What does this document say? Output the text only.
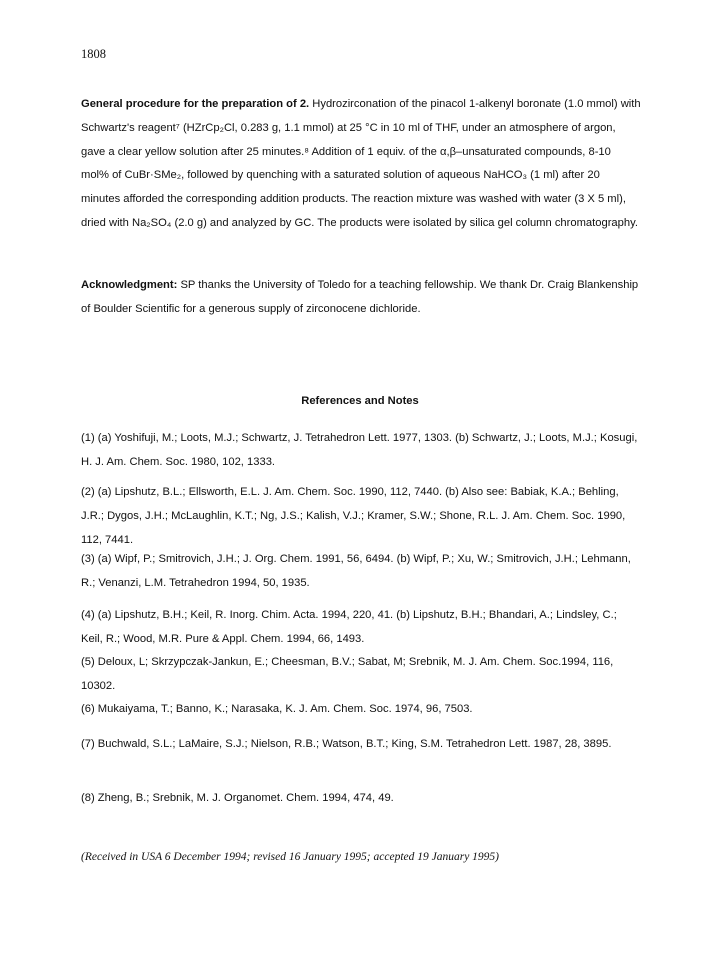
1808
General procedure for the preparation of 2. Hydrozirconation of the pinacol 1-alkenyl boronate (1.0 mmol) with Schwartz's reagent⁷ (HZrCp₂Cl, 0.283 g, 1.1 mmol) at 25 °C in 10 ml of THF, under an atmosphere of argon, gave a clear yellow solution after 25 minutes.⁸ Addition of 1 equiv. of the α,β–unsaturated compounds, 8-10 mol% of CuBr·SMe₂, followed by quenching with a saturated solution of aqueous NaHCO₃ (1 ml) after 20 minutes afforded the corresponding addition products. The reaction mixture was washed with water (3 X 5 ml), dried with Na₂SO₄ (2.0 g) and analyzed by GC. The products were isolated by silica gel column chromatography.
Acknowledgment: SP thanks the University of Toledo for a teaching fellowship. We thank Dr. Craig Blankenship of Boulder Scientific for a generous supply of zirconocene dichloride.
References and Notes
(1) (a) Yoshifuji, M.; Loots, M.J.; Schwartz, J. Tetrahedron Lett. 1977, 1303. (b) Schwartz, J.; Loots, M.J.; Kosugi, H. J. Am. Chem. Soc. 1980, 102, 1333.
(2) (a) Lipshutz, B.L.; Ellsworth, E.L. J. Am. Chem. Soc. 1990, 112, 7440. (b) Also see: Babiak, K.A.; Behling, J.R.; Dygos, J.H.; McLaughlin, K.T.; Ng, J.S.; Kalish, V.J.; Kramer, S.W.; Shone, R.L. J. Am. Chem. Soc. 1990, 112, 7441.
(3) (a) Wipf, P.; Smitrovich, J.H.; J. Org. Chem. 1991, 56, 6494. (b) Wipf, P.; Xu, W.; Smitrovich, J.H.; Lehmann, R.; Venanzi, L.M. Tetrahedron 1994, 50, 1935.
(4) (a) Lipshutz, B.H.; Keil, R. Inorg. Chim. Acta. 1994, 220, 41. (b) Lipshutz, B.H.; Bhandari, A.; Lindsley, C.; Keil, R.; Wood, M.R. Pure & Appl. Chem. 1994, 66, 1493.
(5) Deloux, L; Skrzypczak-Jankun, E.; Cheesman, B.V.; Sabat, M; Srebnik, M. J. Am. Chem. Soc.1994, 116, 10302.
(6) Mukaiyama, T.; Banno, K.; Narasaka, K. J. Am. Chem. Soc. 1974, 96, 7503.
(7) Buchwald, S.L.; LaMaire, S.J.; Nielson, R.B.; Watson, B.T.; King, S.M. Tetrahedron Lett. 1987, 28, 3895.
(8) Zheng, B.; Srebnik, M. J. Organomet. Chem. 1994, 474, 49.
(Received in USA 6 December 1994; revised 16 January 1995; accepted 19 January 1995)
